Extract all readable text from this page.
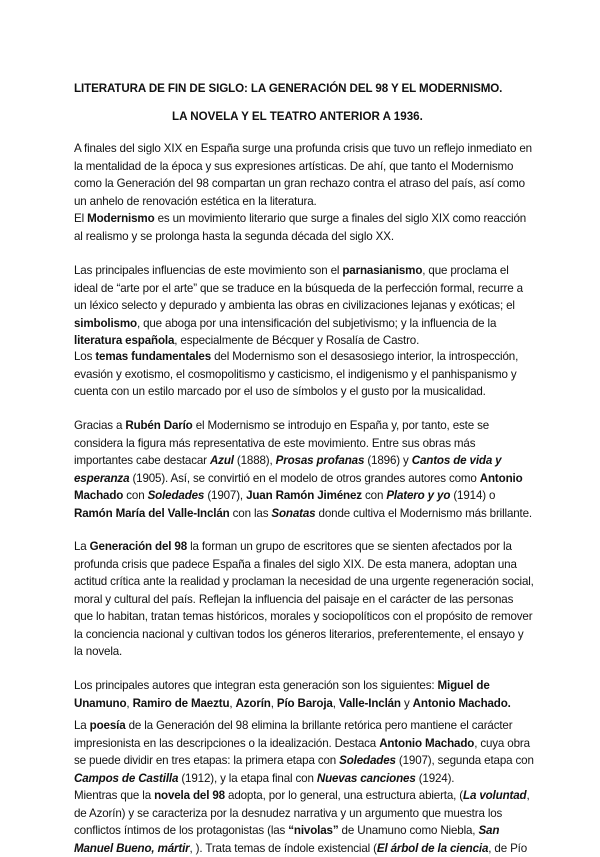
LITERATURA DE FIN DE SIGLO: LA GENERACIÓN DEL 98 Y EL MODERNISMO.
LA NOVELA Y EL TEATRO ANTERIOR A 1936.
A finales del siglo XIX en España surge una profunda crisis que tuvo un reflejo inmediato en la mentalidad de la época y sus expresiones artísticas. De ahí, que tanto el Modernismo como la Generación del 98 compartan un gran rechazo contra el atraso del país, así como un anhelo de renovación estética en la literatura.
El Modernismo es un movimiento literario que surge a finales del siglo XIX como reacción al realismo y se prolonga hasta la segunda década del siglo XX.
Las principales influencias de este movimiento son el parnasianismo, que proclama el ideal de “arte por el arte” que se traduce en la búsqueda de la perfección formal, recurre a un léxico selecto y depurado y ambienta las obras en civilizaciones lejanas y exóticas; el simbolismo, que aboga por una intensificación del subjetivismo; y la influencia de la literatura española, especialmente de Bécquer y Rosalía de Castro.
Los temas fundamentales del Modernismo son el desasosiego interior, la introspección, evasión y exotismo, el cosmopolitismo y casticismo, el indigenismo y el panhispanismo y cuenta con un estilo marcado por el uso de símbolos y el gusto por la musicalidad.
Gracias a Rubén Darío el Modernismo se introdujo en España y, por tanto, este se considera la figura más representativa de este movimiento. Entre sus obras más importantes cabe destacar Azul (1888), Prosas profanas (1896) y Cantos de vida y esperanza (1905). Así, se convirtió en el modelo de otros grandes autores como Antonio Machado con Soledades (1907), Juan Ramón Jiménez con Platero y yo (1914) o Ramón María del Valle-Inclán con las Sonatas donde cultiva el Modernismo más brillante.
La Generación del 98 la forman un grupo de escritores que se sienten afectados por la profunda crisis que padece España a finales del siglo XIX. De esta manera, adoptan una actitud crítica ante la realidad y proclaman la necesidad de una urgente regeneración social, moral y cultural del país. Reflejan la influencia del paisaje en el carácter de las personas que lo habitan, tratan temas históricos, morales y sociopolíticos con el propósito de remover la conciencia nacional y cultivan todos los géneros literarios, preferentemente, el ensayo y la novela.
Los principales autores que integran esta generación son los siguientes: Miguel de Unamuno, Ramiro de Maeztu, Azorín, Pío Baroja, Valle-Inclán y Antonio Machado.
La poesía de la Generación del 98 elimina la brillante retórica pero mantiene el carácter impresionista en las descripciones o la idealización. Destaca Antonio Machado, cuya obra se puede dividir en tres etapas: la primera etapa con Soledades (1907), segunda etapa con Campos de Castilla (1912), y la etapa final con Nuevas canciones (1924).
Mientras que la novela del 98 adopta, por lo general, una estructura abierta, (La voluntad, de Azorín) y se caracteriza por la desnudez narrativa y un argumento que muestra los conflictos íntimos de los protagonistas (las “nivolas” de Unamuno como Niebla, San Manuel Bueno, mártir, ). Trata temas de índole existencial (El árbol de la ciencia, de Pío
